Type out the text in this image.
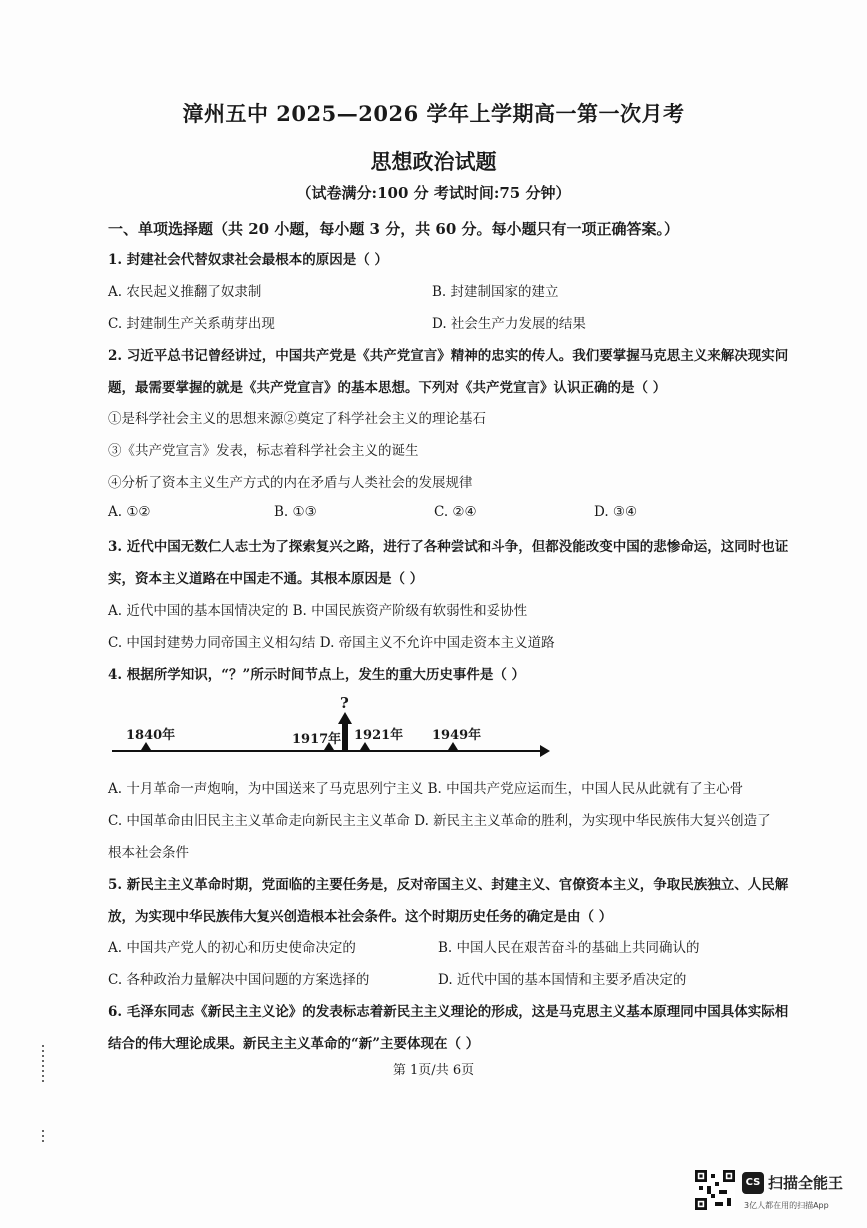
漳州五中 2025—2026 学年上学期高一第一次月考
思想政治试题
（试卷满分:100 分 考试时间:75 分钟）
一、单项选择题（共 20 小题，每小题 3 分，共 60 分。每小题只有一项正确答案。）
1. 封建社会代替奴隶社会最根本的原因是（ ）
A. 农民起义推翻了奴隶制	B. 封建制国家的建立
C. 封建制生产关系萌芽出现	D. 社会生产力发展的结果
2. 习近平总书记曾经讲过，中国共产党是《共产党宣言》精神的忠实的传人。我们要掌握马克思主义来解决现实问
题，最需要掌握的就是《共产党宣言》的基本思想。下列对《共产党宣言》认识正确的是（ ）
①是科学社会主义的思想来源②奠定了科学社会主义的理论基石
③《共产党宣言》发表，标志着科学社会主义的诞生
④分析了资本主义生产方式的内在矛盾与人类社会的发展规律
A. ①②	B. ①③	C. ②④	D. ③④
3. 近代中国无数仁人志士为了探索复兴之路，进行了各种尝试和斗争，但都没能改变中国的悲惨命运，这同时也证
实，资本主义道路在中国走不通。其根本原因是（ ）
A. 近代中国的基本国情决定的 B. 中国民族资产阶级有软弱性和妥协性
C. 中国封建势力同帝国主义相勾结 D. 帝国主义不允许中国走资本主义道路
4. 根据所学知识，“？”所示时间节点上，发生的重大历史事件是（ ）
1840年	1917年
?
1921年 1949年
A. 十月革命一声炮响，为中国送来了马克思列宁主义 B. 中国共产党应运而生，中国人民从此就有了主心骨
C. 中国革命由旧民主主义革命走向新民主主义革命 D. 新民主主义革命的胜利，为实现中华民族伟大复兴创造了
根本社会条件
5. 新民主主义革命时期，党面临的主要任务是，反对帝国主义、封建主义、官僚资本主义，争取民族独立、人民解
放，为实现中华民族伟大复兴创造根本社会条件。这个时期历史任务的确定是由（ ）
A. 中国共产党人的初心和历史使命决定的	B. 中国人民在艰苦奋斗的基础上共同确认的
C. 各种政治力量解决中国问题的方案选择的	D. 近代中国的基本国情和主要矛盾决定的
6. 毛泽东同志《新民主主义论》的发表标志着新民主主义理论的形成，这是马克思主义基本原理同中国具体实际相
结合的伟大理论成果。新民主主义革命的“新”主要体现在（ ）
第 1页/共 6页
CS 扫描全能王
3亿人都在用的扫描App
